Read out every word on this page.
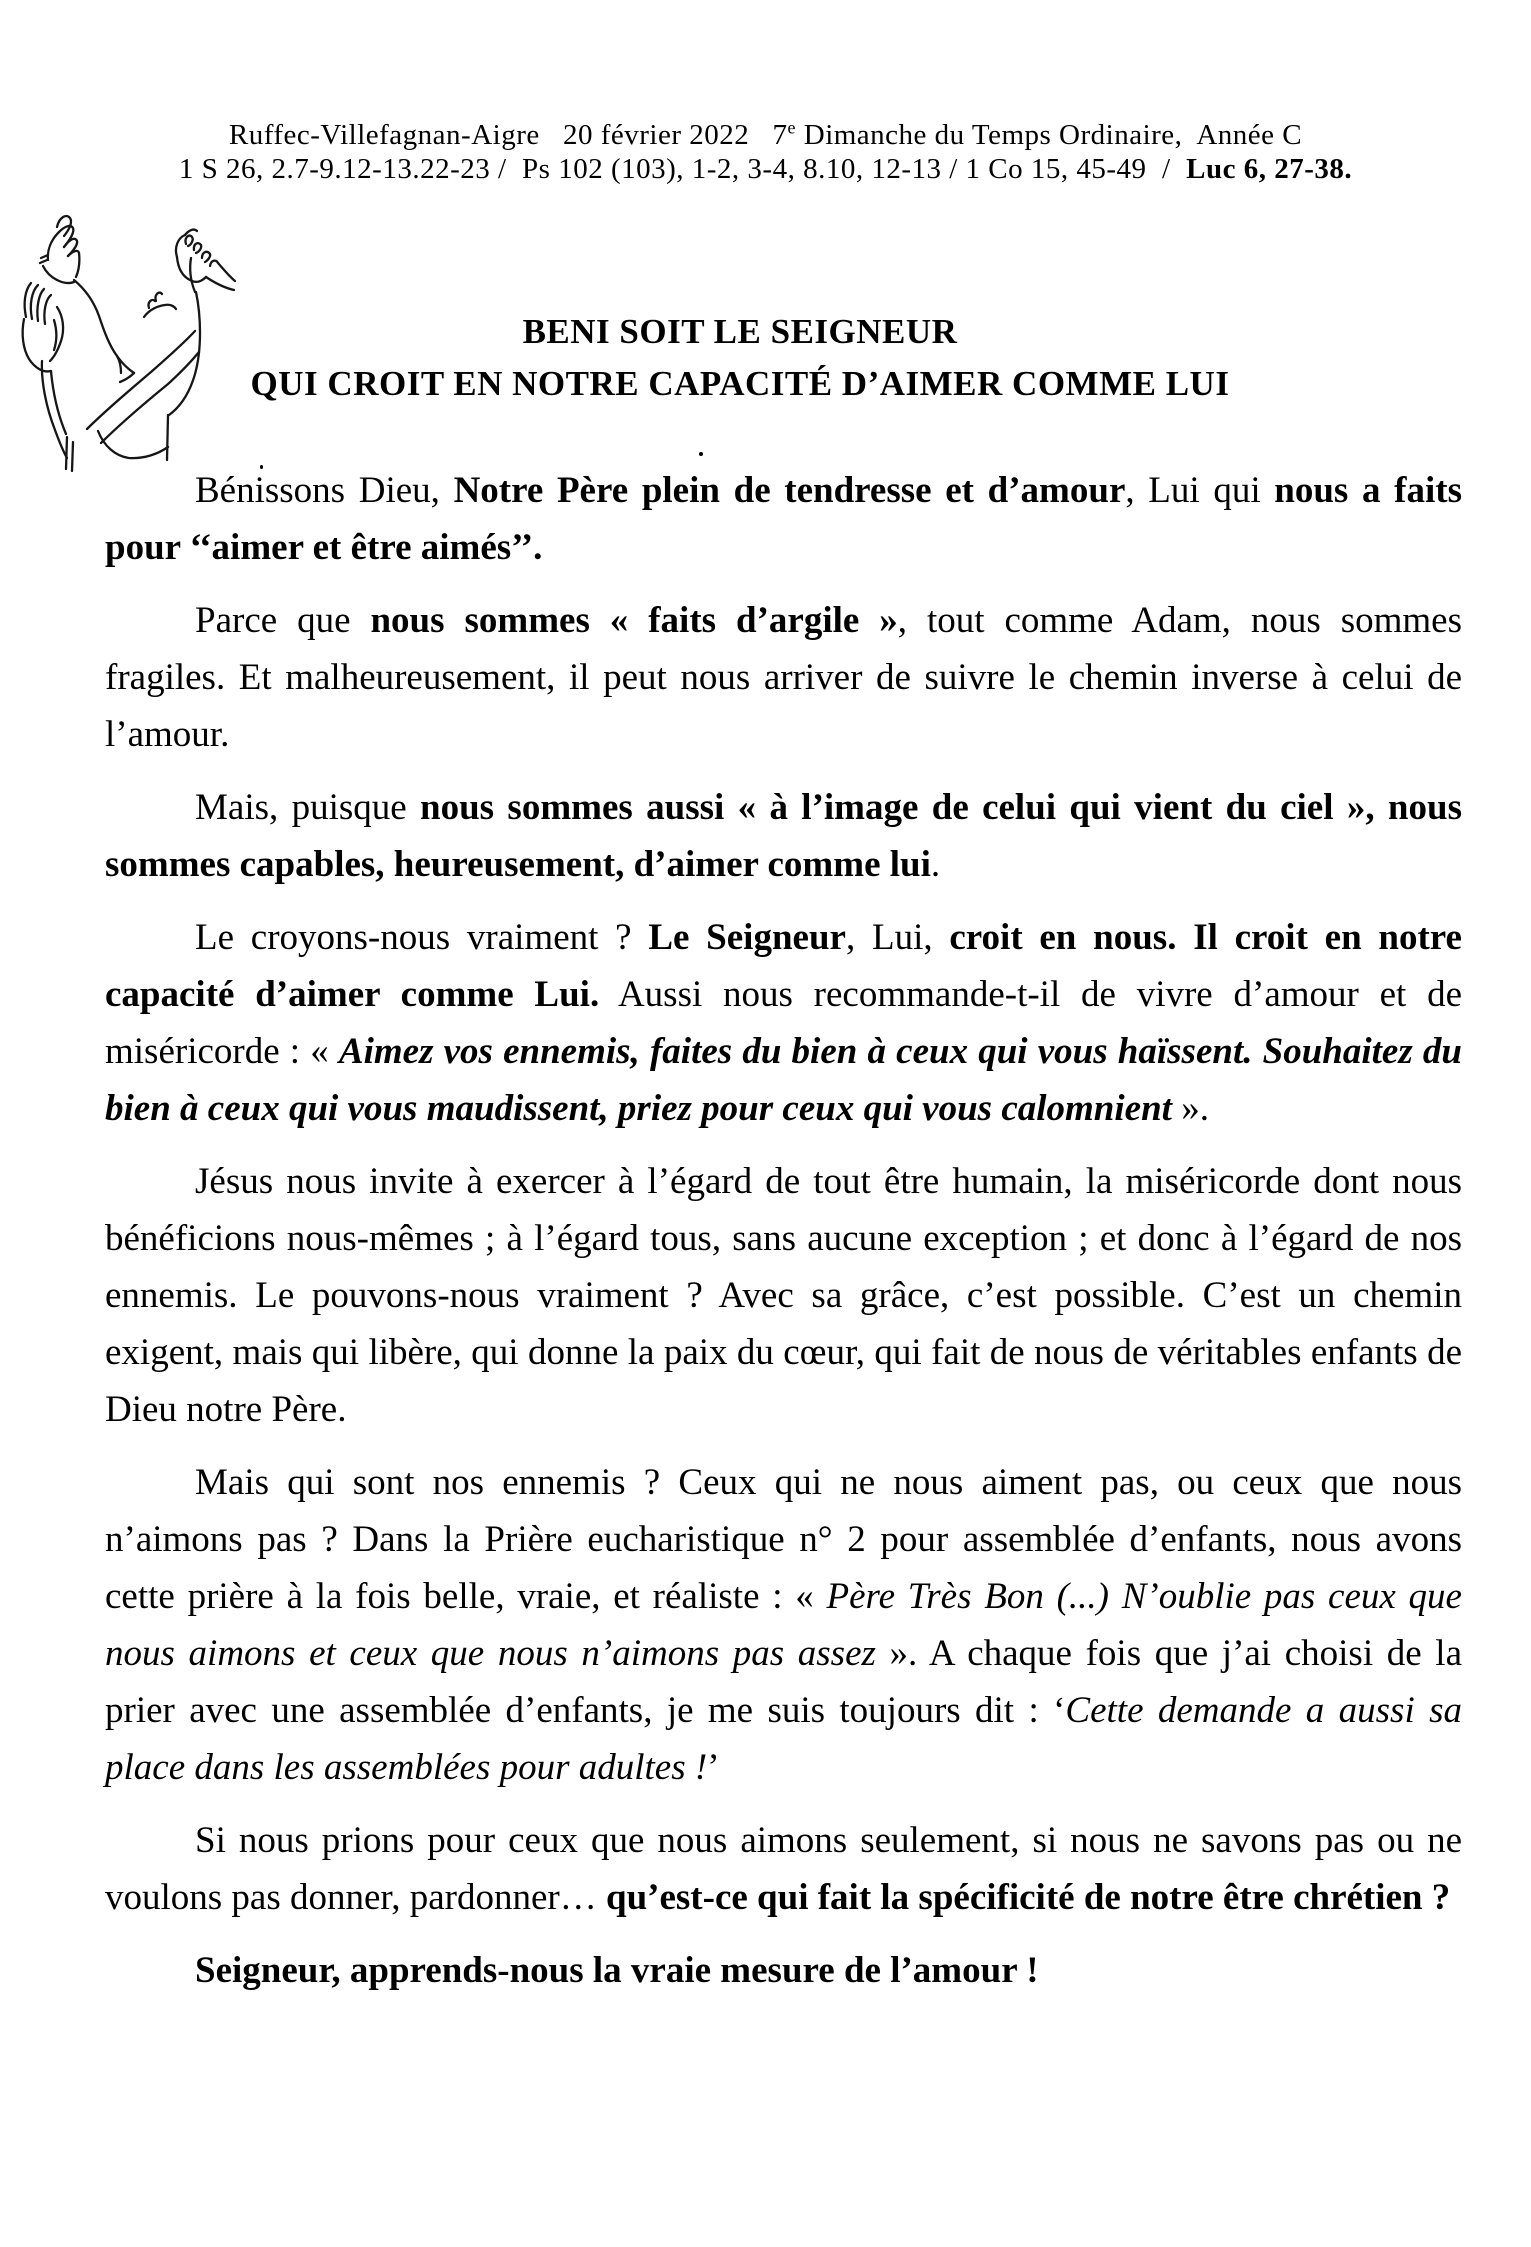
Ruffec-Villefagnan-Aigre   20 février 2022   7e Dimanche du Temps Ordinaire,  Année C
1 S 26, 2.7-9.12-13.22-23 /  Ps 102 (103), 1-2, 3-4, 8.10, 12-13 / 1 Co 15, 45-49  /  Luc 6, 27-38.
BENI SOIT LE SEIGNEUR
QUI CROIT EN NOTRE CAPACITÉ D’AIMER COMME LUI

Bénissons Dieu, Notre Père plein de tendresse et d’amour, Lui qui nous a faits pour ‘‘aimer et être aimés’’.

Parce que nous sommes « faits d’argile », tout comme Adam, nous sommes fragiles. Et malheureusement, il peut nous arriver de suivre le chemin inverse à celui de l’amour.

Mais, puisque nous sommes aussi « à l’image de celui qui vient du ciel », nous sommes capables, heureusement, d’aimer comme lui.

Le croyons-nous vraiment ? Le Seigneur, Lui, croit en nous. Il croit en notre capacité d’aimer comme Lui. Aussi nous recommande-t-il de vivre d’amour et de miséricorde : « Aimez vos ennemis, faites du bien à ceux qui vous haïssent. Souhaitez du bien à ceux qui vous maudissent, priez pour ceux qui vous calomnient ».

Jésus nous invite à exercer à l’égard de tout être humain, la miséricorde dont nous bénéficions nous-mêmes ; à l’égard tous, sans aucune exception ; et donc à l’égard de nos ennemis. Le pouvons-nous vraiment ? Avec sa grâce, c’est possible. C’est un chemin exigent, mais qui libère, qui donne la paix du cœur, qui fait de nous de véritables enfants de Dieu notre Père.

Mais qui sont nos ennemis ? Ceux qui ne nous aiment pas, ou ceux que nous n’aimons pas ? Dans la Prière eucharistique n° 2 pour assemblée d’enfants, nous avons cette prière à la fois belle, vraie, et réaliste : « Père Très Bon (...) N’oublie pas ceux que nous aimons et ceux que nous n’aimons pas assez ». A chaque fois que j’ai choisi de la prier avec une assemblée d’enfants, je me suis toujours dit : ‘Cette demande a aussi sa place dans les assemblées pour adultes !’

Si nous prions pour ceux que nous aimons seulement, si nous ne savons pas ou ne voulons pas donner, pardonner… qu’est-ce qui fait la spécificité de notre être chrétien ?

Seigneur, apprends-nous la vraie mesure de l’amour !
